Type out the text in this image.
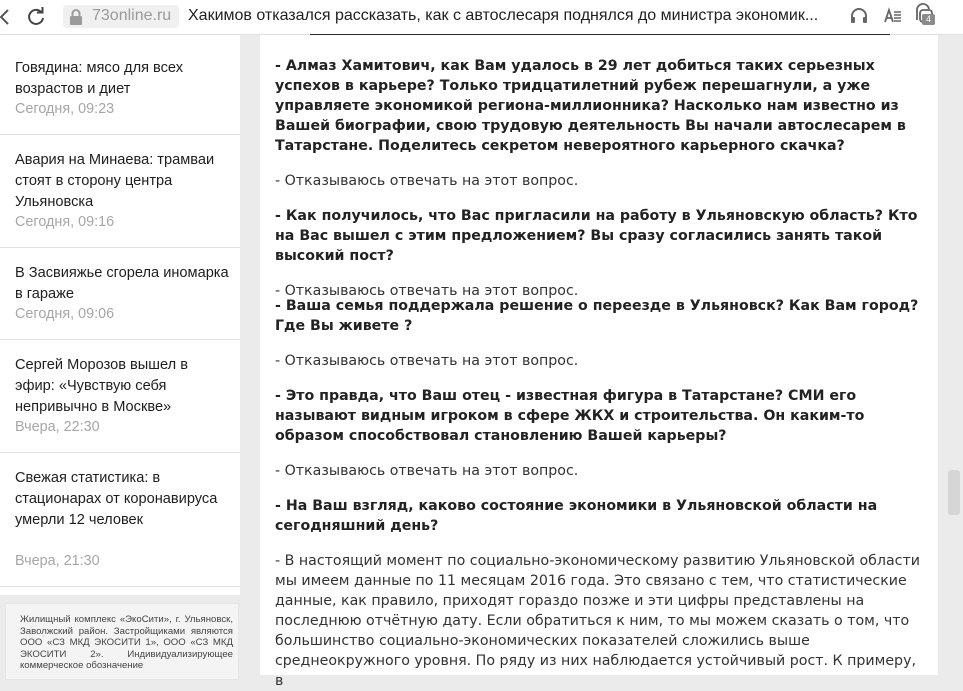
73online.ru Хакимов отказался рассказать, как с автослесаря поднялся до министра экономик...	4
Говядина: мясо для всех возрастов и диет
Сегодня, 09:23
Авария на Минаева: трамваи стоят в сторону центра Ульяновска
Сегодня, 09:16
В Засвияжье сгорела иномарка в гараже
Сегодня, 09:06
Сергей Морозов вышел в эфир: «Чувствую себя непривычно в Москве»
Вчера, 22:30
Свежая статистика: в стационарах от коронавируса умерли 12 человек
Вчера, 21:30
Жилищный комплекс «ЭкоСити», г. Ульяновск, Заволжский район. Застройщиками являются ООО «СЗ МКД ЭКОСИТИ 1», ООО «СЗ МКД ЭКОСИТИ 2». Индивидуализирующее коммерческое обозначение
- Алмаз Хамитович, как Вам удалось в 29 лет добиться таких серьезных успехов в карьере? Только тридцатилетний рубеж перешагнули, а уже управляете экономикой региона-миллионника? Насколько нам известно из Вашей биографии, свою трудовую деятельность Вы начали автослесарем в Татарстане. Поделитесь секретом невероятного карьерного скачка?
- Отказываюсь отвечать на этот вопрос.
- Как получилось, что Вас пригласили на работу в Ульяновскую область? Кто на Вас вышел с этим предложением? Вы сразу согласились занять такой высокий пост?
- Отказываюсь отвечать на этот вопрос.
- Ваша семья поддержала решение о переезде в Ульяновск? Как Вам город? Где Вы живете ?
- Отказываюсь отвечать на этот вопрос.
- Это правда, что Ваш отец - известная фигура в Татарстане? СМИ его называют видным игроком в сфере ЖКХ и строительства. Он каким-то образом способствовал становлению Вашей карьеры?
- Отказываюсь отвечать на этот вопрос.
- На Ваш взгляд, каково состояние экономики в Ульяновской области на сегодняшний день?
- В настоящий момент по социально-экономическому развитию Ульяновской области мы имеем данные по 11 месяцам 2016 года. Это связано с тем, что статистические данные, как правило, приходят гораздо позже и эти цифры представлены на последнюю отчётную дату. Если обратиться к ним, то мы можем сказать о том, что большинство социально-экономических показателей сложились выше среднеокружного уровня. По ряду из них наблюдается устойчивый рост. К примеру, в
